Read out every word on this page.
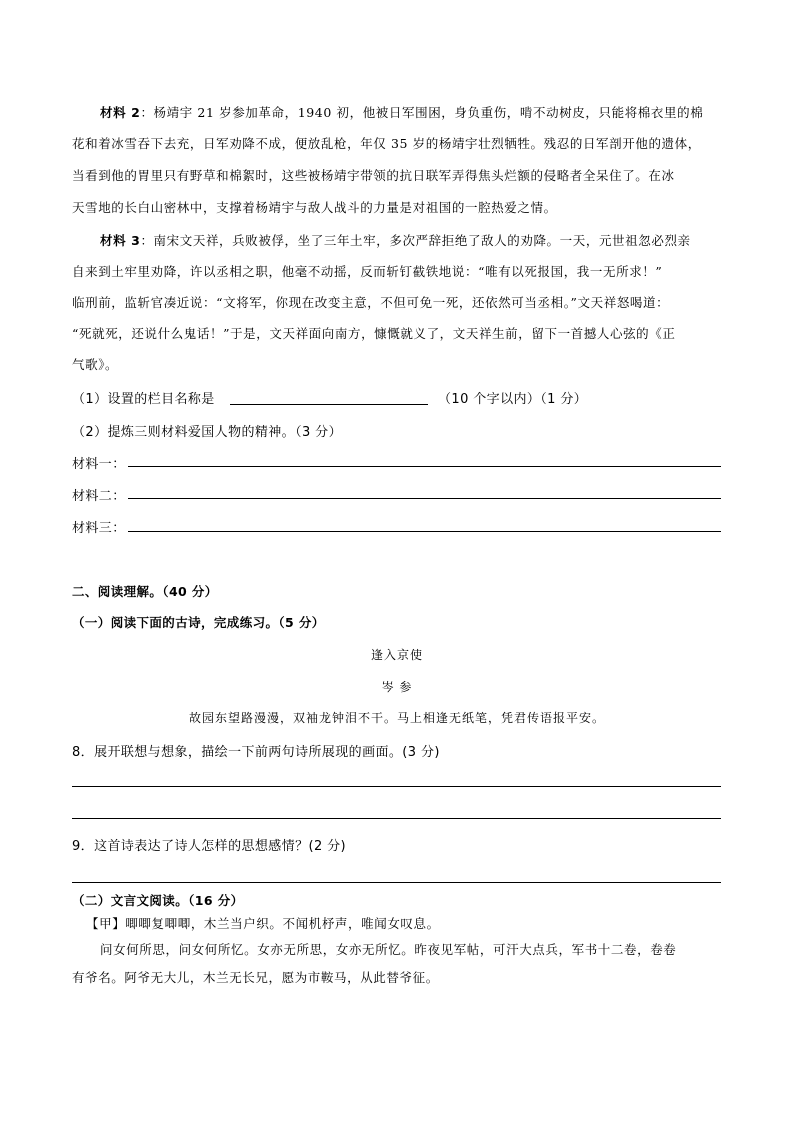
材料 2：杨靖宇 21 岁参加革命，1940 初，他被日军围困，身负重伤，啃不动树皮，只能将棉衣里的棉
花和着冰雪吞下去充，日军劝降不成，便放乱枪，年仅 35 岁的杨靖宇壮烈牺牲。残忍的日军剖开他的遗体，
当看到他的胃里只有野草和棉絮时，这些被杨靖宇带领的抗日联军弄得焦头烂额的侵略者全呆住了。在冰
天雪地的长白山密林中，支撑着杨靖宇与敌人战斗的力量是对祖国的一腔热爱之情。
材料 3：南宋文天祥，兵败被俘，坐了三年土牢，多次严辞拒绝了敌人的劝降。一天，元世祖忽必烈亲
自来到土牢里劝降，许以丞相之职，他毫不动摇，反而斩钉截铁地说：“唯有以死报国，我一无所求！”
临刑前，监斩官凑近说：“文将军，你现在改变主意，不但可免一死，还依然可当丞相。”文天祥怒喝道：
“死就死，还说什么鬼话！”于是，文天祥面向南方，慷慨就义了，文天祥生前，留下一首撼人心弦的《正
气歌》。
（1）设置的栏目名称是	（10 个字以内）（1 分）
（2）提炼三则材料爱国人物的精神。（3 分）
材料一：
材料二：
材料三：
二、阅读理解。（40 分）
（一）阅读下面的古诗，完成练习。（5 分）
逢入京使
岑 参
故园东望路漫漫，双袖龙钟泪不干。马上相逢无纸笔，凭君传语报平安。
8．展开联想与想象，描绘一下前两句诗所展现的画面。(3 分)
9．这首诗表达了诗人怎样的思想感情？(2 分)
（二）文言文阅读。（16 分）
【甲】唧唧复唧唧，木兰当户织。不闻机杼声，唯闻女叹息。
问女何所思，问女何所忆。女亦无所思，女亦无所忆。昨夜见军帖，可汗大点兵，军书十二卷，卷卷
有爷名。阿爷无大儿，木兰无长兄，愿为市鞍马，从此替爷征。
